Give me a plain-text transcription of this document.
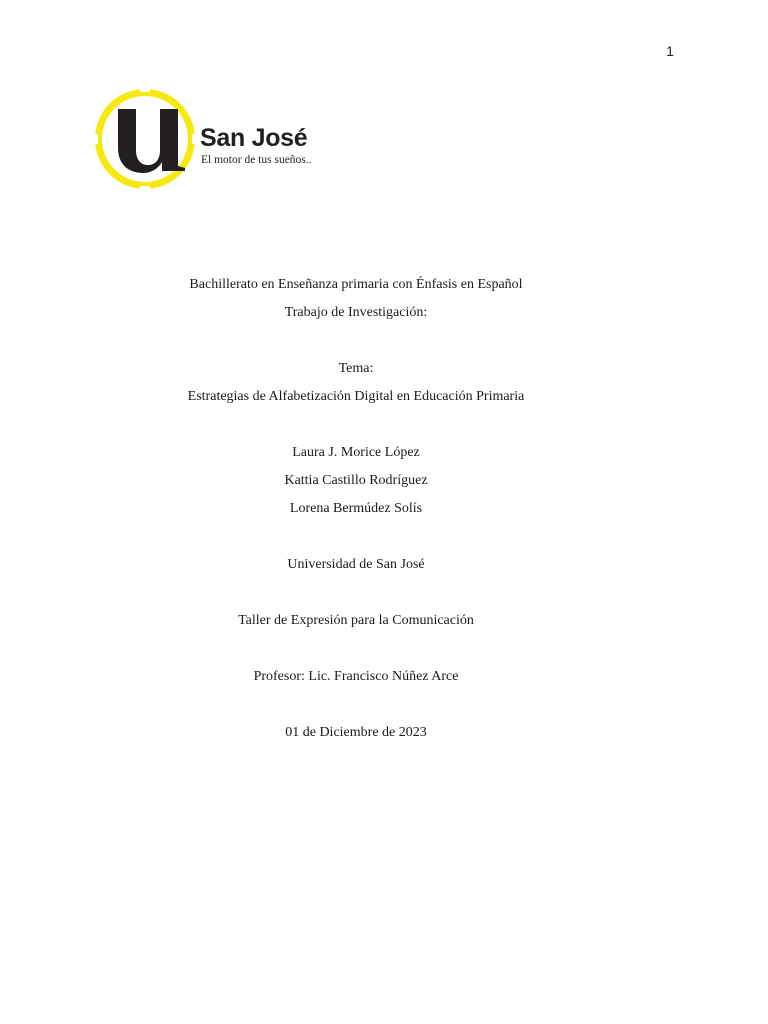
1
San José
El motor de tus sueños..

Bachillerato en Enseñanza primaria con Énfasis en Español

Trabajo de Investigación:

Tema:

Estrategias de Alfabetización Digital en Educación Primaria

Laura J. Morice López

Kattia Castillo Rodríguez

Lorena Bermúdez Solís

Universidad de San José

Taller de Expresión para la Comunicación

Profesor: Lic. Francisco Núñez Arce

01 de Diciembre de 2023
